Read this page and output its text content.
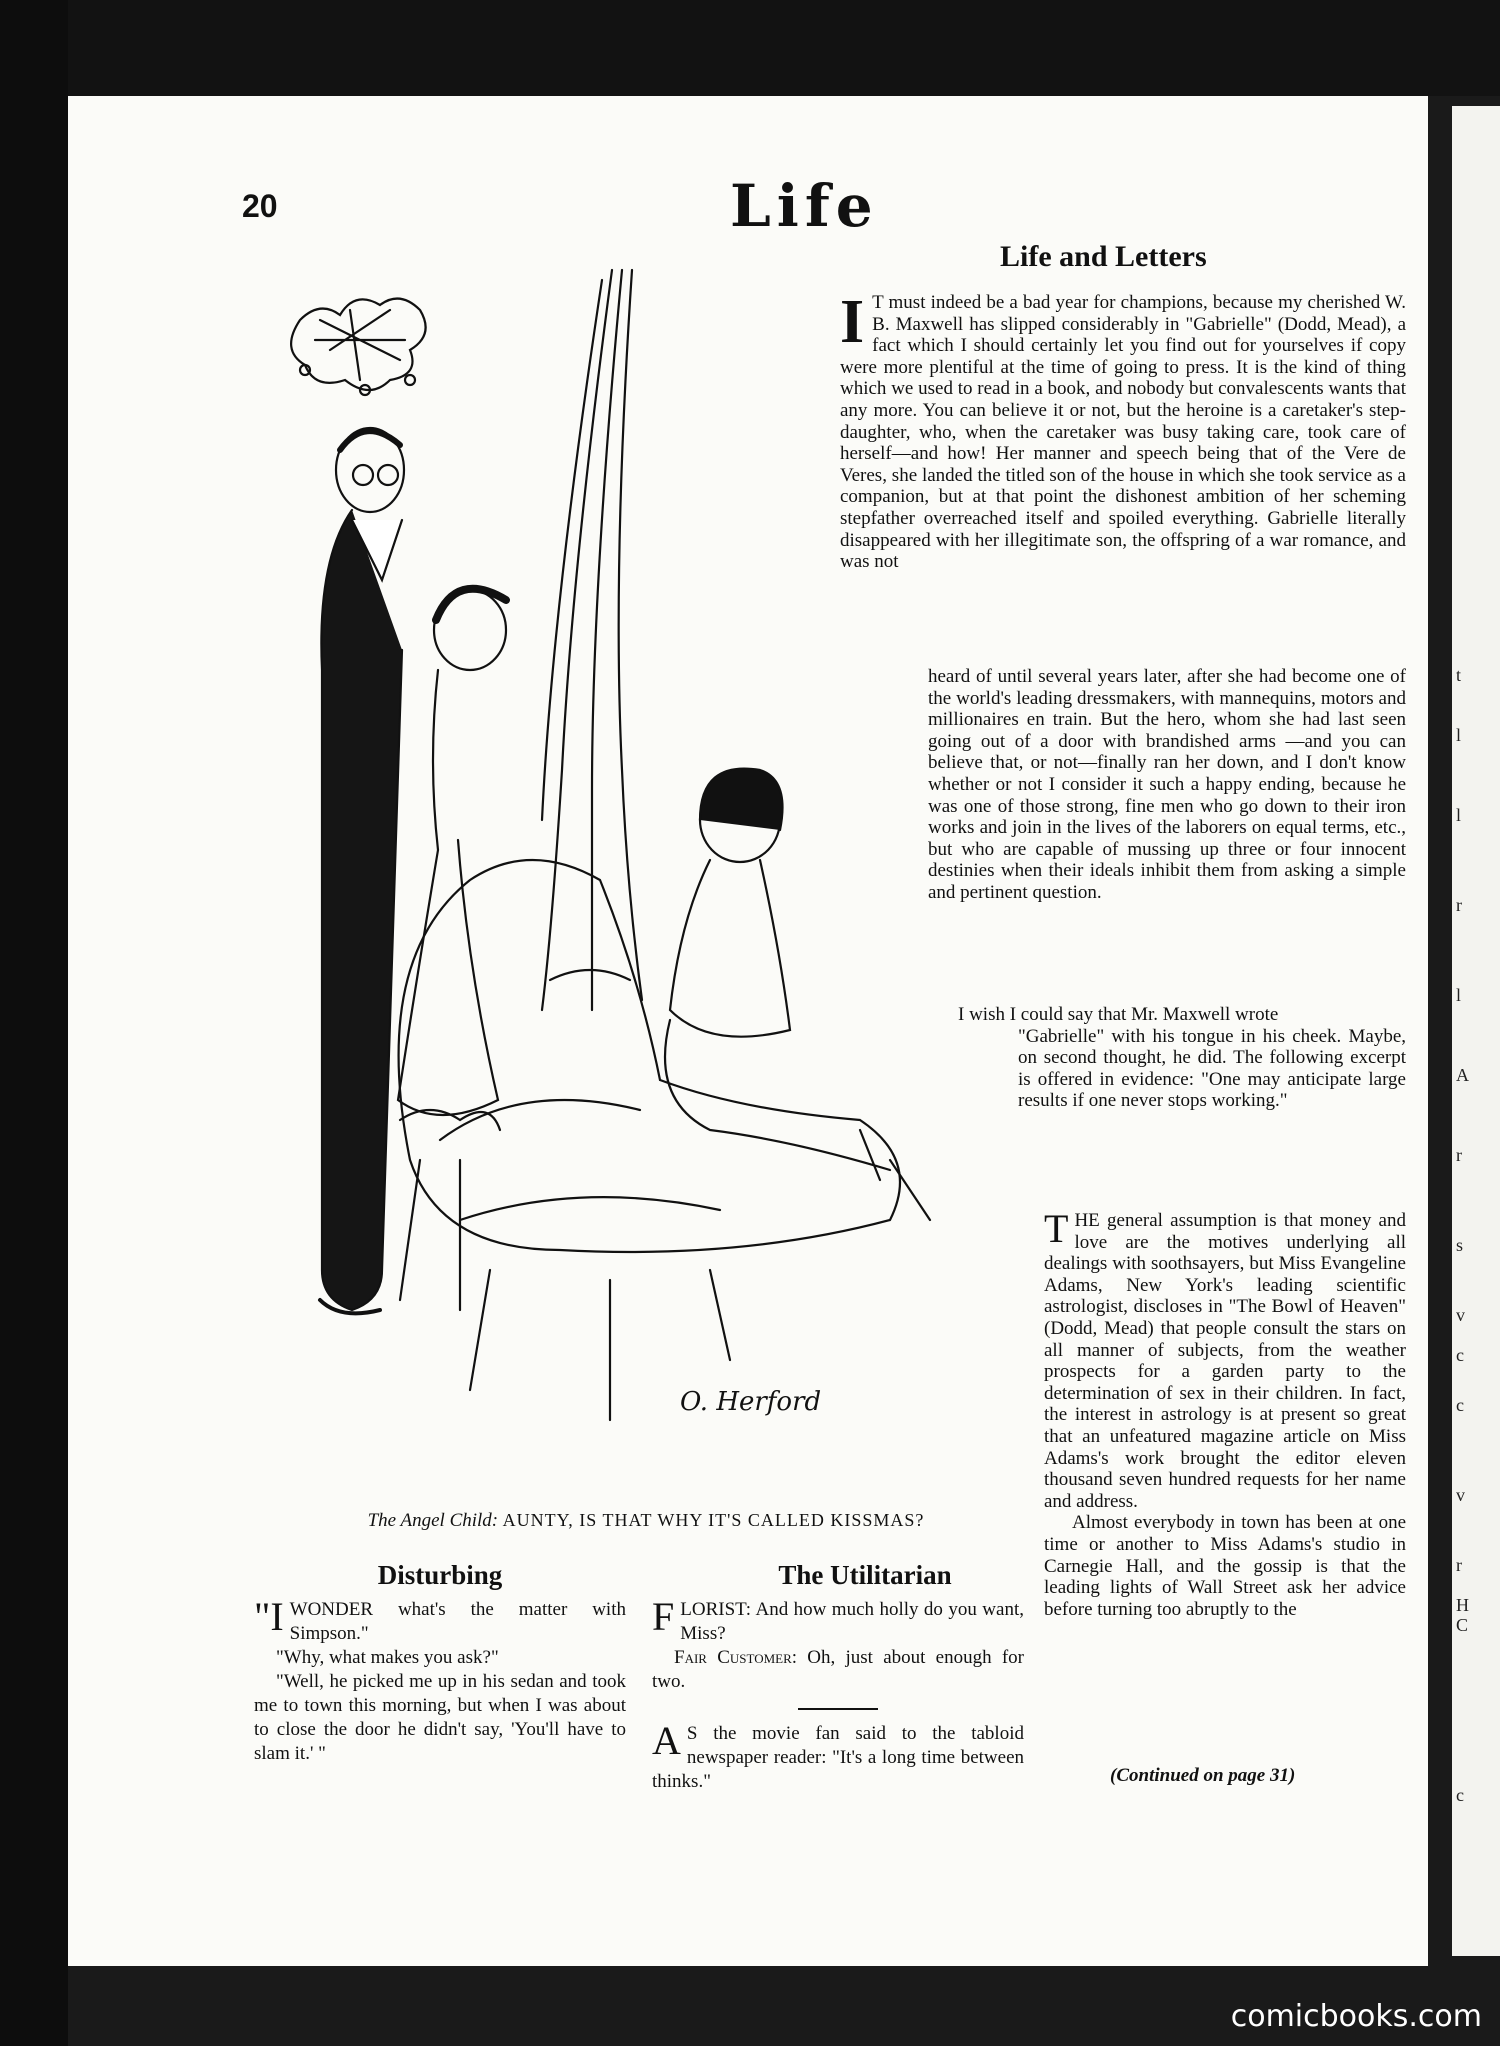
t
l
l
r
l
A
r
s
v
c
c
v
r
H
C
c
20	Life
Life and Letters

I T must indeed be a bad year for champions, because my cherished W. B. Maxwell has slipped considerably in "Gabrielle" (Dodd, Mead), a fact which I should certainly let you find out for yourselves if copy were more plentiful at the time of going to press. It is the kind of thing which we used to read in a book, and nobody but convalescents wants that any more. You can believe it or not, but the heroine is a caretaker's step-daughter, who, when the caretaker was busy taking care, took care of herself—and how! Her manner and speech being that of the Vere de Veres, she landed the titled son of the house in which she took service as a companion, but at that point the dishonest ambition of her scheming stepfather overreached itself and spoiled everything. Gabrielle literally disappeared with her illegitimate son, the offspring of a war romance, and was not

heard of until several years later, after she had become one of the world's leading dressmakers, with mannequins, motors and millionaires en train. But the hero, whom she had last seen going out of a door with brandished arms —and you can believe that, or not—finally ran her down, and I don't know whether or not I consider it such a happy ending, because he was one of those strong, fine men who go down to their iron works and join in the lives of the laborers on equal terms, etc., but who are capable of mussing up three or four innocent destinies when their ideals inhibit them from asking a simple and pertinent question.

I wish I could say that Mr. Maxwell wrote

"Gabrielle" with his tongue in his cheek. Maybe, on second thought, he did. The following excerpt is offered in evidence: "One may anticipate large results if one never stops working."

THE general assumption is that money and love are the motives underlying all dealings with soothsayers, but Miss Evangeline Adams, New York's leading scientific astrologist, discloses in "The Bowl of Heaven" (Dodd, Mead) that people consult the stars on all manner of subjects, from the weather prospects for a garden party to the determination of sex in their children. In fact, the interest in astrology is at present so great that an unfeatured magazine article on Miss Adams's work brought the editor eleven thousand seven hundred requests for her name and address.

Almost everybody in town has been at one time or another to Miss Adams's studio in Carnegie Hall, and the gossip is that the leading lights of Wall Street ask her advice before turning too abruptly to the

(Continued on page 31)
O. Herford
The Angel Child: AUNTY, IS THAT WHY IT'S CALLED KISSMAS?
Disturbing

"IWONDER what's the matter with Simpson."

"Why, what makes you ask?"

"Well, he picked me up in his sedan and took me to town this morning, but when I was about to close the door he didn't say, 'You'll have to slam it.' "

The Utilitarian

FLORIST: And how much holly do you want, Miss?

Fair Customer: Oh, just about enough for two.

A S the movie fan said to the tabloid newspaper reader: "It's a long time between thinks."

comicbooks.com
